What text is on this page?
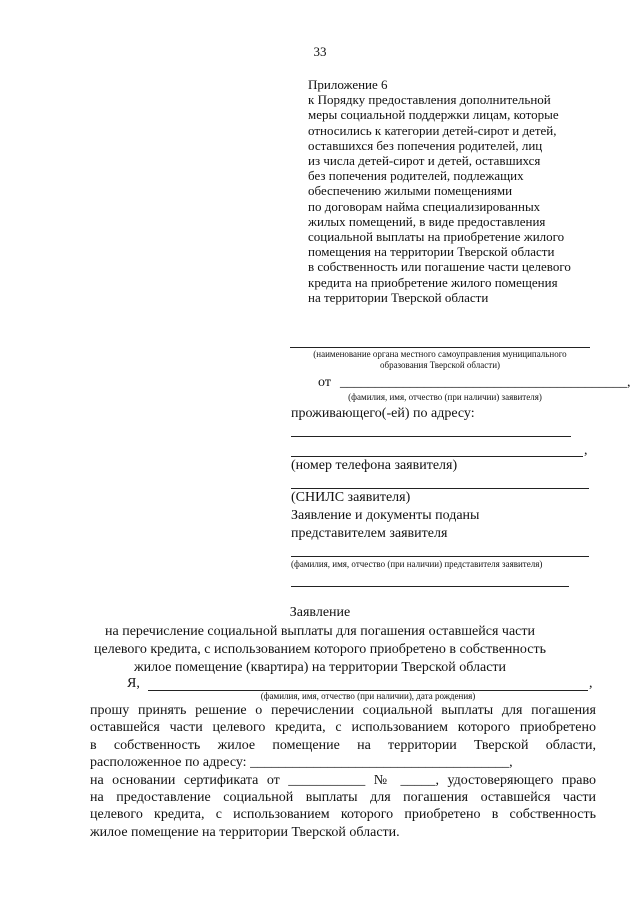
33
Приложение 6
к Порядку предоставления дополнительной
меры социальной поддержки лицам, которые
относились к категории детей-сирот и детей,
оставшихся без попечения родителей, лиц
из числа детей-сирот и детей, оставшихся
без попечения родителей, подлежащих
обеспечению жилыми помещениями
по договорам найма специализированных
жилых помещений, в виде предоставления
социальной выплаты на приобретение жилого
помещения на территории Тверской области
в собственность или погашение части целевого
кредита на приобретение жилого помещения
на территории Тверской области
(наименование органа местного самоуправления муниципального
образования Тверской области)
от _________________________________________,
(фамилия, имя, отчество (при наличии) заявителя)
проживающего(-ей) по адресу:
,
(номер телефона заявителя)
(СНИЛС заявителя)
Заявление и документы поданы
представителем заявителя
(фамилия, имя, отчество (при наличии) представителя заявителя)
Заявление
на перечисление социальной выплаты для погашения оставшейся части
целевого кредита, с использованием которого приобретено в собственность
жилое помещение (квартира) на территории Тверской области
Я,	,
(фамилия, имя, отчество (при наличии), дата рождения)
прошу принять решение о перечислении социальной выплаты для погашения
оставшейся части целевого кредита, с использованием которого приобретено
в собственность жилое помещение на территории Тверской области,
расположенное по адресу: _____________________________________,
на основании сертификата от ___________ № _____, удостоверяющего право
на предоставление социальной выплаты для погашения оставшейся части
целевого кредита, с использованием которого приобретено в собственность
жилое помещение на территории Тверской области.
